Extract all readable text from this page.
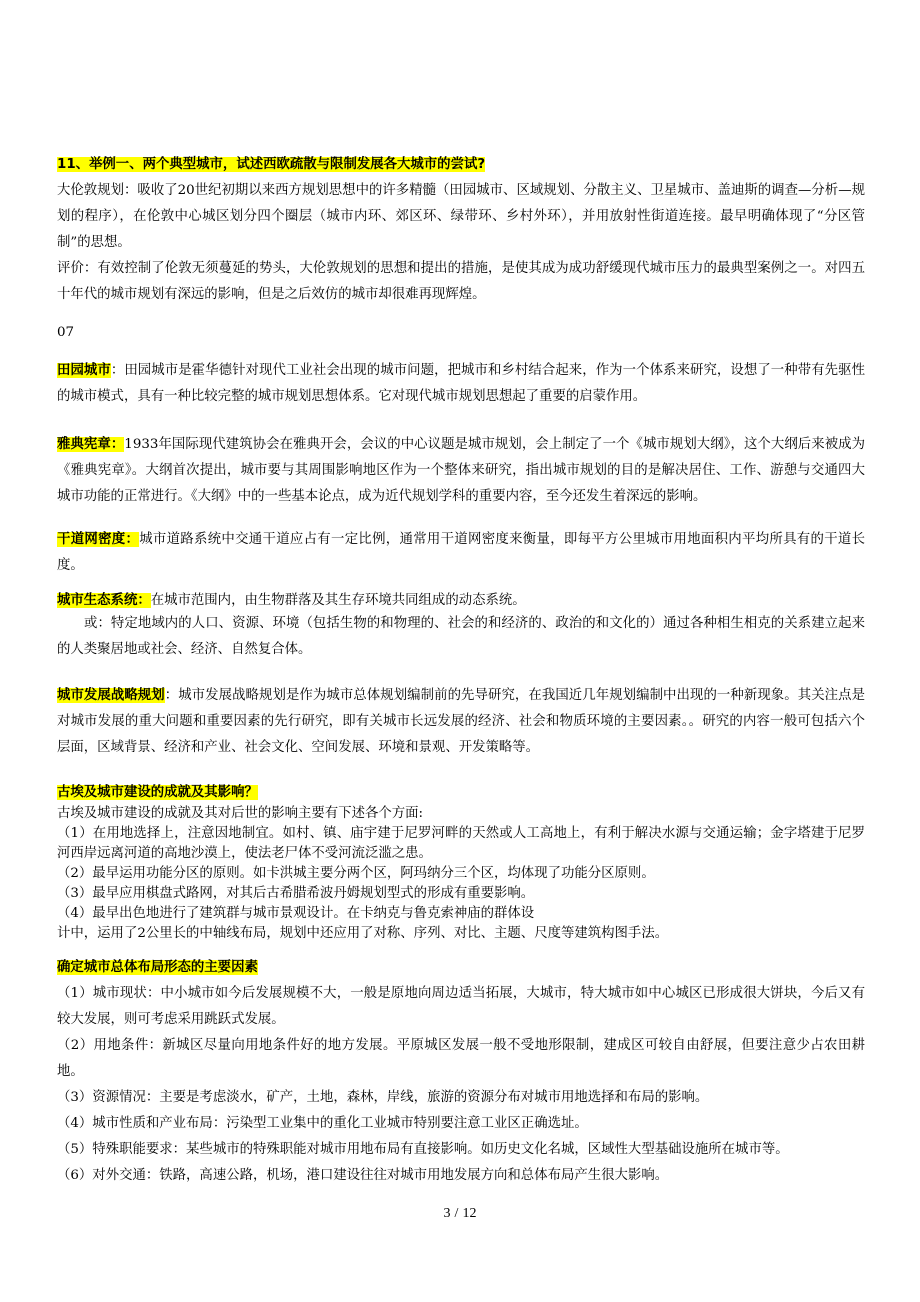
11、举例一、两个典型城市，试述西欧疏散与限制发展各大城市的尝试?

大伦敦规划：吸收了20世纪初期以来西方规划思想中的许多精髓（田园城市、区域规划、分散主义、卫星城市、盖迪斯的调查—分析—规划的程序），在伦敦中心城区划分四个圈层（城市内环、郊区环、绿带环、乡村外环），并用放射性街道连接。最早明确体现了“分区管制”的思想。

评价：有效控制了伦敦无须蔓延的势头，大伦敦规划的思想和提出的措施，是使其成为成功舒缓现代城市压力的最典型案例之一。对四五十年代的城市规划有深远的影响，但是之后效仿的城市却很难再现辉煌。

07

田园城市：田园城市是霍华德针对现代工业社会出现的城市问题，把城市和乡村结合起来，作为一个体系来研究，设想了一种带有先驱性的城市模式，具有一种比较完整的城市规划思想体系。它对现代城市规划思想起了重要的启蒙作用。

雅典宪章：1933年国际现代建筑协会在雅典开会，会议的中心议题是城市规划，会上制定了一个《城市规划大纲》，这个大纲后来被成为《雅典宪章》。大纲首次提出，城市要与其周围影响地区作为一个整体来研究，指出城市规划的目的是解决居住、工作、游憩与交通四大城市功能的正常进行。《大纲》中的一些基本论点，成为近代规划学科的重要内容，至今还发生着深远的影响。

干道网密度：城市道路系统中交通干道应占有一定比例，通常用干道网密度来衡量，即每平方公里城市用地面积内平均所具有的干道长度。

城市生态系统：在城市范围内，由生物群落及其生存环境共同组成的动态系统。

或：特定地域内的人口、资源、环境（包括生物的和物理的、社会的和经济的、政治的和文化的）通过各种相生相克的关系建立起来的人类聚居地或社会、经济、自然复合体。

城市发展战略规划：城市发展战略规划是作为城市总体规划编制前的先导研究，在我国近几年规划编制中出现的一种新现象。其关注点是对城市发展的重大问题和重要因素的先行研究，即有关城市长远发展的经济、社会和物质环境的主要因素。。研究的内容一般可包括六个层面，区域背景、经济和产业、社会文化、空间发展、环境和景观、开发策略等。

古埃及城市建设的成就及其影响？

古埃及城市建设的成就及其对后世的影响主要有下述各个方面:
（1）在用地选择上，注意因地制宜。如村、镇、庙宇建于尼罗河畔的天然或人工高地上，有利于解决水源与交通运输；金字塔建于尼罗河西岸远离河道的高地沙漠上，使法老尸体不受河流泛滥之患。
（2）最早运用功能分区的原则。如卡洪城主要分两个区，阿玛纳分三个区，均体现了功能分区原则。
（3）最早应用棋盘式路网，对其后古希腊希波丹姆规划型式的形成有重要影响。
（4）最早出色地进行了建筑群与城市景观设计。在卡纳克与鲁克索神庙的群体设
计中，运用了2公里长的中轴线布局，规划中还应用了对称、序列、对比、主题、尺度等建筑构图手法。

确定城市总体布局形态的主要因素

（1）城市现状：中小城市如今后发展规模不大，一般是原地向周边适当拓展，大城市，特大城市如中心城区已形成很大饼块，今后又有较大发展，则可考虑采用跳跃式发展。
（2）用地条件：新城区尽量向用地条件好的地方发展。平原城区发展一般不受地形限制，建成区可较自由舒展，但要注意少占农田耕地。
（3）资源情况：主要是考虑淡水，矿产，土地，森林，岸线，旅游的资源分布对城市用地选择和布局的影响。
（4）城市性质和产业布局：污染型工业集中的重化工业城市特别要注意工业区正确选址。
（5）特殊职能要求：某些城市的特殊职能对城市用地布局有直接影响。如历史文化名城，区域性大型基础设施所在城市等。
（6）对外交通：铁路，高速公路，机场，港口建设往往对城市用地发展方向和总体布局产生很大影响。
3 / 12
